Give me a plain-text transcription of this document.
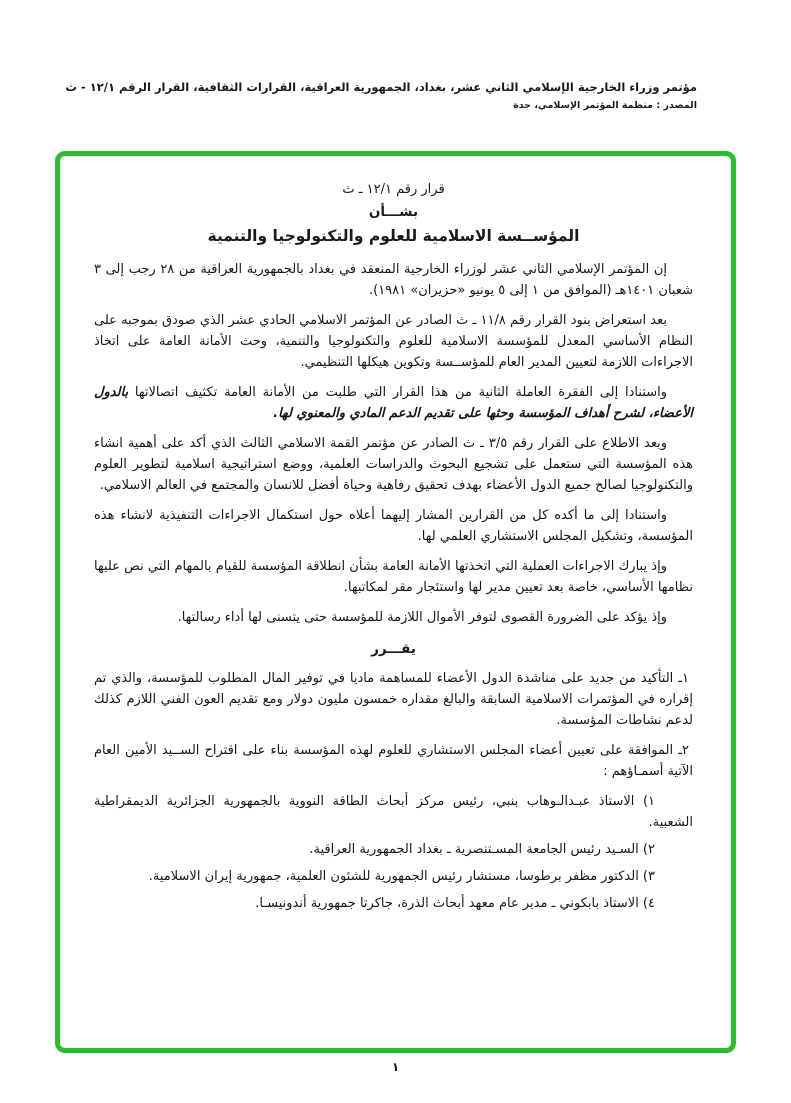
مؤتمر وزراء الخارجية الإسلامي الثاني عشر، بغداد، الجمهورية العراقية، القرارات الثقافية، القرار الرقم ١٢/١ - ث
المصدر : منظمة المؤتمر الإسلامي، جدة
قرار رقم ١٢/١ ـ ث
بشـــأن
المؤســسة الاسلامية للعلوم والتكنولوجيا والتنمية

إن المؤتمر الإسلامي الثاني عشر لوزراء الخارجية المنعقد في بغداد بالجمهورية العراقية من ٢٨ رجب إلى ٣ شعبان ١٤٠١هـ (الموافق من ١ إلى ٥ يونيو «حزيران» ١٩٨١).

بعد استعراض بنود القرار رقم ١١/٨ ـ ث الصادر عن المؤتمر الاسلامي الحادي عشر الذي صودق بموجبه على النظام الأساسي المعدل للمؤسسة الاسلامية للعلوم والتكنولوجيا والتنمية، وحث الأمانة العامة على اتخاذ الاجراءات اللازمة لتعيين المدير العام للمؤســسة وتكوين هيكلها التنظيمي.

واستنادا إلى الفقرة العاملة الثانية من هذا القرار التي طلبت من الأمانة العامة تكثيف اتصالاتها بالدول الأعضاء، لشرح أهداف المؤسسة وحثها على تقديم الدعم المادي والمعنوي لها.

وبعد الاطلاع على القرار رقم ٣/٥ ـ ث الصادر عن مؤتمر القمة الاسلامي الثالث الذي أكد على أهمية انشاء هذه المؤسسة التي ستعمل على تشجيع البحوث والدراسات العلمية، ووضع استراتيجية اسلامية لتطوير العلوم والتكنولوجيا لصالح جميع الدول الأعضاء بهدف تحقيق رفاهية وحياة أفضل للانسان والمجتمع في العالم الاسلامي.

واستنادا إلى ما أكده كل من القرارين المشار إليهما أعلاه حول استكمال الاجراءات التنفيذية لانشاء هذه المؤسسة، وتشكيل المجلس الاستشاري العلمي لها.

وإذ يبارك الاجراءات العملية التي اتخذتها الأمانة العامة بشأن انطلاقة المؤسسة للقيام بالمهام التي نص عليها نظامها الأساسي، خاصة بعد تعيين مدير لها واستئجار مقر لمكاتبها.

وإذ يؤكد على الضرورة القصوى لتوفر الأموال اللازمة للمؤسسة حتى يتسنى لها أداء رسالتها.

يقـــرر

١ـ التأكيد من جديد على مناشدة الدول الأعضاء للمساهمة ماديا في توفير المال المطلوب للمؤسسة، والذي تم إقراره في المؤتمرات الاسلامية السابقة والبالغ مقداره خمسون مليون دولار ومع تقديم العون الفني اللازم كذلك لدعم نشاطات المؤسسة.

٢ـ الموافقة على تعيين أعضاء المجلس الاستشاري للعلوم لهذه المؤسسة بناء على اقتراح الســيد الأمين العام الآتية أسمـاؤهم :

١) الاستاذ عبـدالـوهاب بنبي، رئيس مركز أبحاث الطاقة النووية بالجمهورية الجزائرية الديمقراطية الشعبية.

٢) السـيد رئيس الجامعة المسـتنصرية ـ بغداد الجمهورية العراقية.

٣) الدكتور مظفر برطوسا، مستشار رئيس الجمهورية للشئون العلمية، جمهورية إيران الاسلامية.

٤) الاستاذ بابكوني ـ مدير عام معهد أبحاث الذرة، جاكرتا جمهورية أندونيسـا.

١
